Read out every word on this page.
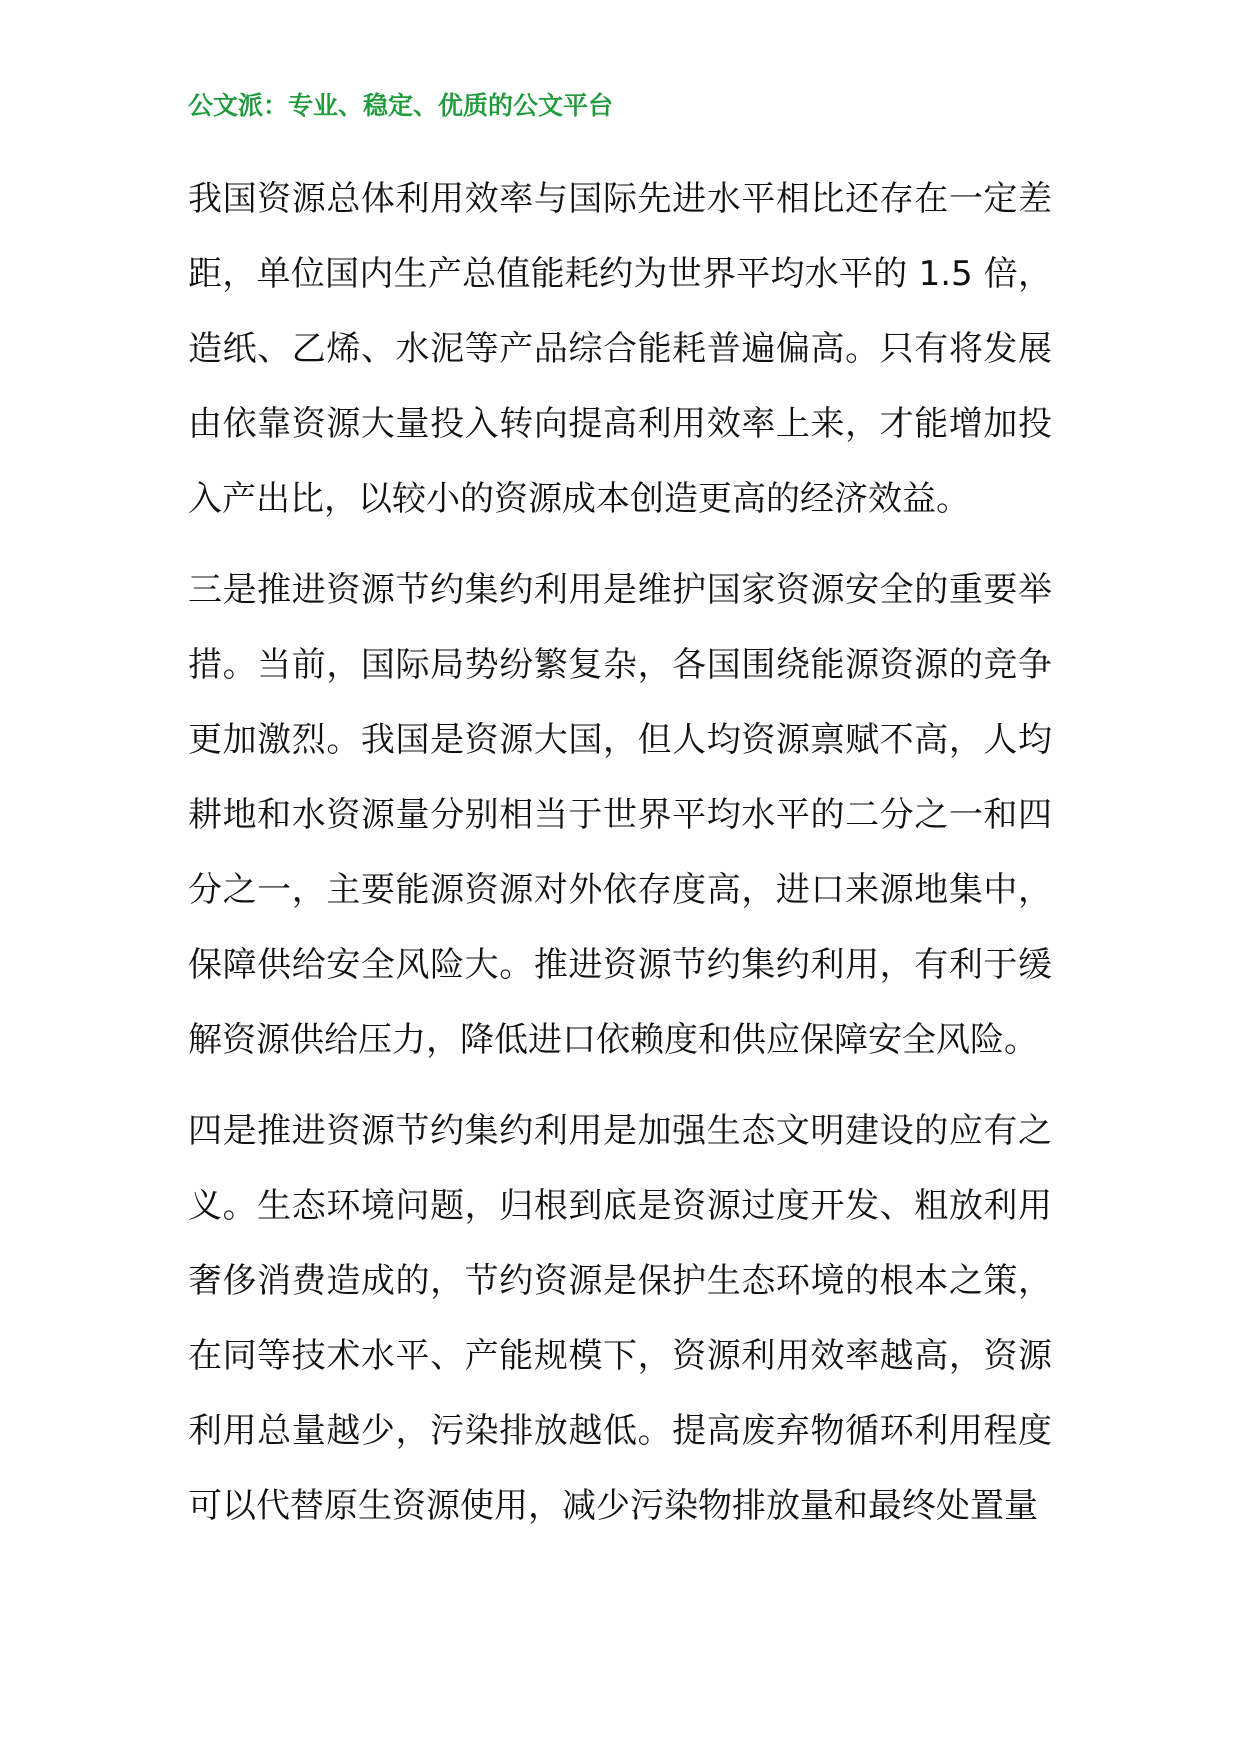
公文派：专业、稳定、优质的公文平台

我国资源总体利用效率与国际先进水平相比还存在一定差距，单位国内生产总值能耗约为世界平均水平的 1.5 倍，造纸、乙烯、水泥等产品综合能耗普遍偏高。只有将发展由依靠资源大量投入转向提高利用效率上来，才能增加投入产出比，以较小的资源成本创造更高的经济效益。

三是推进资源节约集约利用是维护国家资源安全的重要举措。当前，国际局势纷繁复杂，各国围绕能源资源的竞争更加激烈。我国是资源大国，但人均资源禀赋不高，人均耕地和水资源量分别相当于世界平均水平的二分之一和四分之一，主要能源资源对外依存度高，进口来源地集中，保障供给安全风险大。推进资源节约集约利用，有利于缓解资源供给压力，降低进口依赖度和供应保障安全风险。

四是推进资源节约集约利用是加强生态文明建设的应有之义。生态环境问题，归根到底是资源过度开发、粗放利用奢侈消费造成的，节约资源是保护生态环境的根本之策，在同等技术水平、产能规模下，资源利用效率越高，资源利用总量越少，污染排放越低。提高废弃物循环利用程度可以代替原生资源使用，减少污染物排放量和最终处置量
